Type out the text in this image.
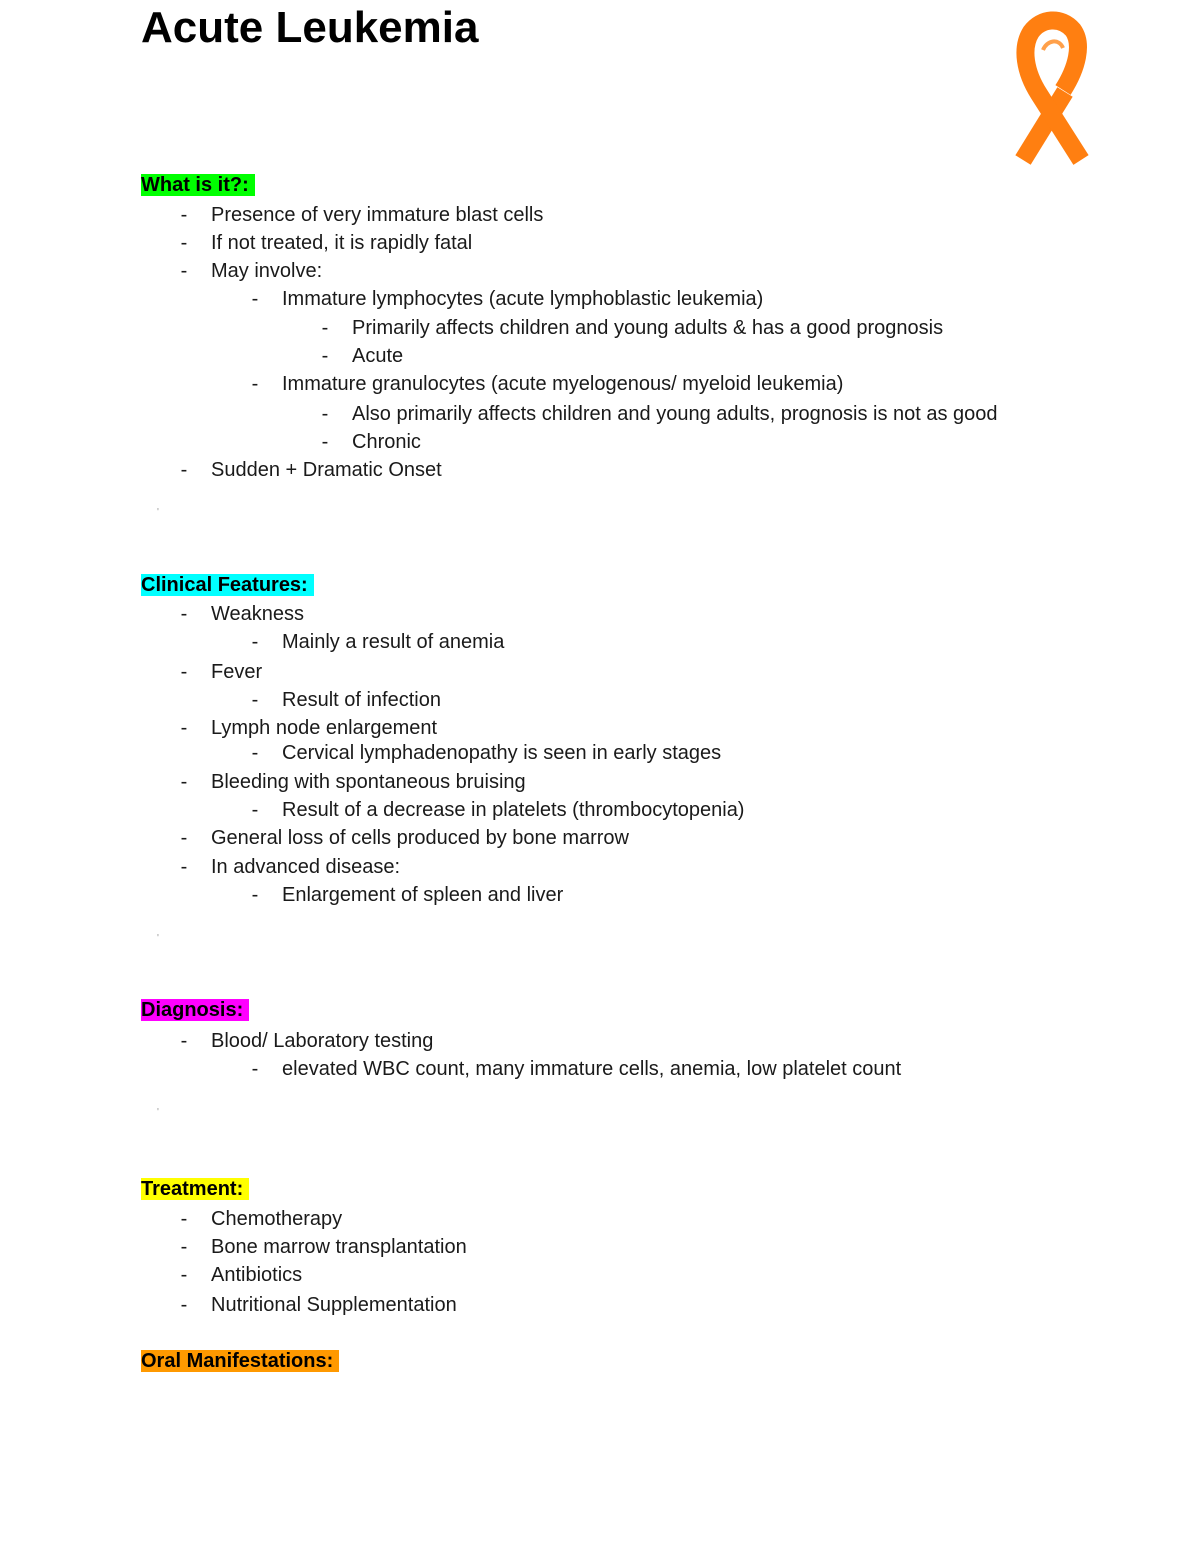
Acute Leukemia
What is it?:
- Presence of very immature blast cells
- If not treated, it is rapidly fatal
- May involve:
- Immature lymphocytes (acute lymphoblastic leukemia)
- Primarily affects children and young adults & has a good prognosis
- Acute
- Immature granulocytes (acute myelogenous/ myeloid leukemia)
- Also primarily affects children and young adults, prognosis is not as good
- Chronic
- Sudden + Dramatic Onset
'
Clinical Features:
- Weakness
- Mainly a result of anemia
- Fever
- Result of infection
- Lymph node enlargement
- Cervical lymphadenopathy is seen in early stages
- Bleeding with spontaneous bruising
- Result of a decrease in platelets (thrombocytopenia)
- General loss of cells produced by bone marrow
- In advanced disease:
- Enlargement of spleen and liver
'
Diagnosis:
- Blood/ Laboratory testing
- elevated WBC count, many immature cells, anemia, low platelet count
'
Treatment:
- Chemotherapy
- Bone marrow transplantation
- Antibiotics
- Nutritional Supplementation
Oral Manifestations:
